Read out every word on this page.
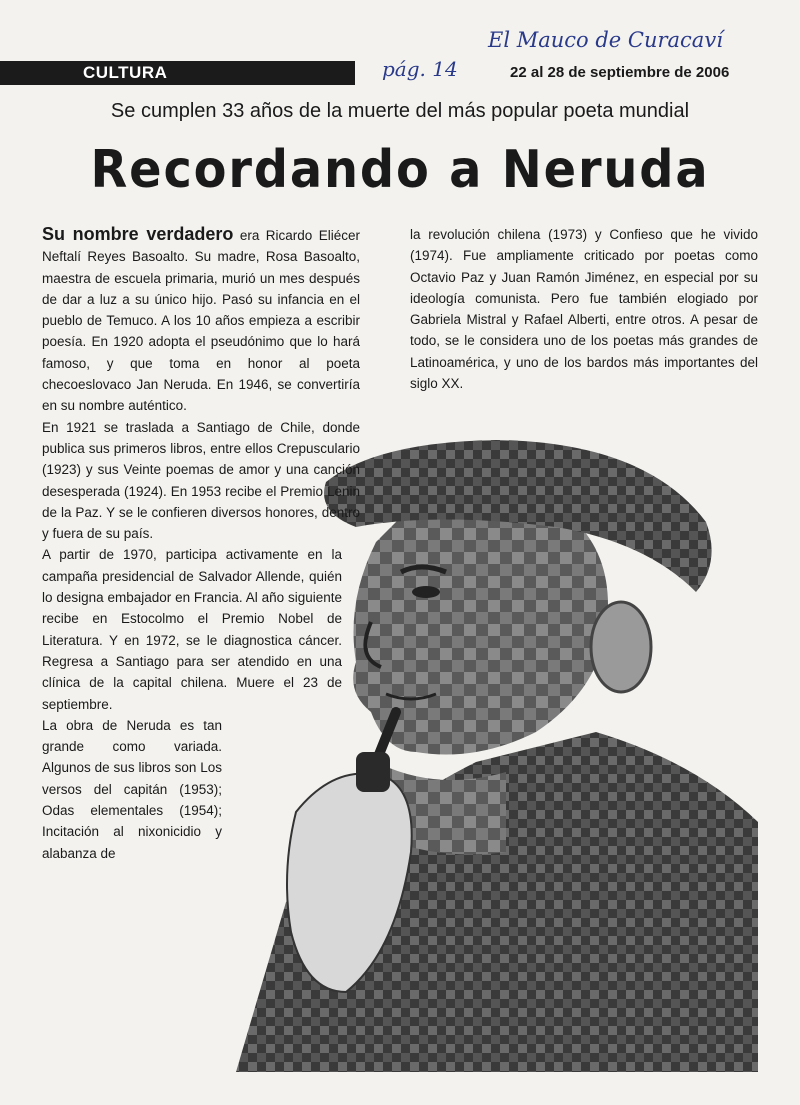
El Mauco de Curacaví
pág. 14
CULTURA	22 al 28 de septiembre de 2006
Se cumplen 33 años de la muerte del más popular poeta mundial
Recordando a Neruda
Su nombre verdadero era Ricardo Eliécer Neftalí Reyes Basoalto. Su madre, Rosa Basoalto, maestra de escuela primaria, murió un mes después de dar a luz a su único hijo. Pasó su infancia en el pueblo de Temuco. A los 10 años empieza a escribir poesía. En 1920 adopta el pseudónimo que lo hará famoso, y que toma en honor al poeta checoeslovaco Jan Neruda. En 1946, se convertiría en su nombre auténtico.
En 1921 se traslada a Santiago de Chile, donde publica sus primeros libros, entre ellos Crepusculario (1923) y sus Veinte poemas de amor y una canción desesperada (1924). En 1953 recibe el Premio Lenin de la Paz. Y se le confieren diversos honores, dentro y fuera de su país.
A partir de 1970, participa activamente en la campaña presidencial de Salvador Allende, quién lo designa embajador en Francia. Al año siguiente recibe en Estocolmo el Premio Nobel de Literatura. Y en 1972, se le diagnostica cáncer. Regresa a Santiago para ser atendido en una clínica de la capital chilena. Muere el 23 de septiembre.
La obra de Neruda es tan grande como variada. Algunos de sus libros son Los versos del capitán (1953); Odas elementales (1954); Incitación al nixonicidio y alabanza de
la revolución chilena (1973) y Confieso que he vivido (1974). Fue ampliamente criticado por poetas como Octavio Paz y Juan Ramón Jiménez, en especial por su ideología comunista. Pero fue también elogiado por Gabriela Mistral y Rafael Alberti, entre otros. A pesar de todo, se le considera uno de los poetas más grandes de Latinoamérica, y uno de los bardos más importantes del siglo XX.
